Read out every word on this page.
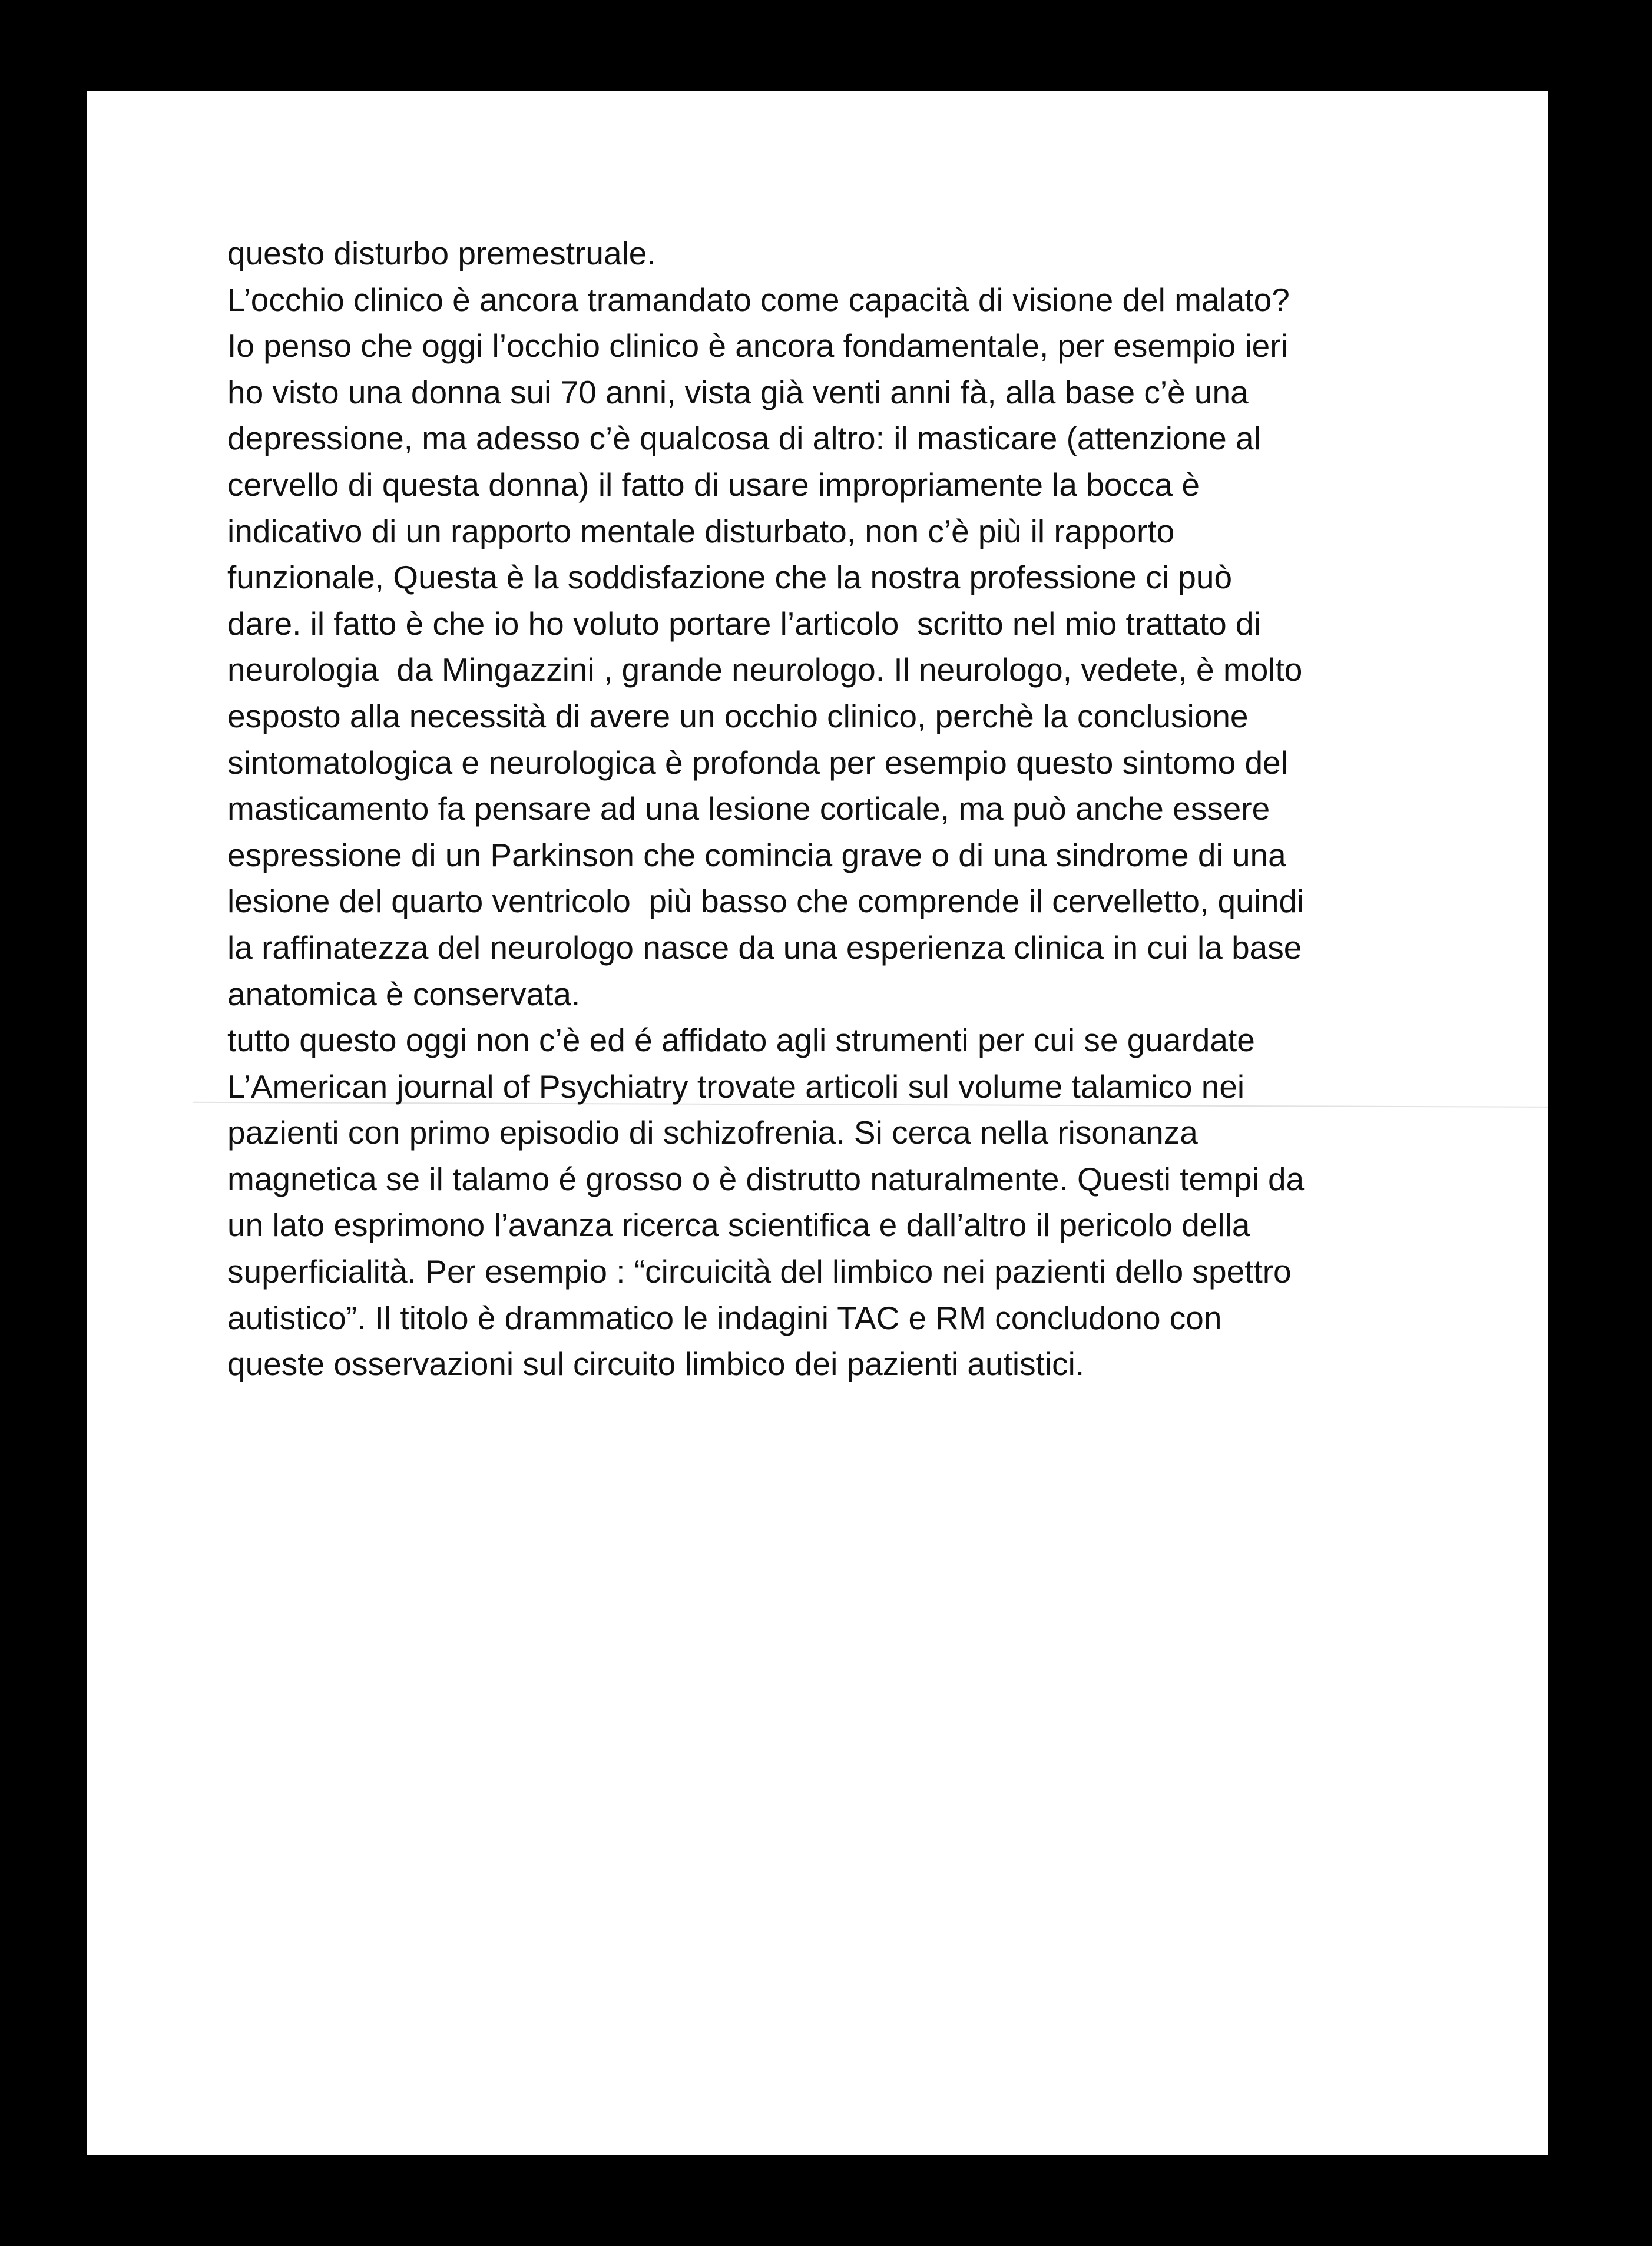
questo disturbo premestruale.
L’occhio clinico è ancora tramandato come capacità di visione del malato?
Io penso che oggi l’occhio clinico è ancora fondamentale, per esempio ieri
ho visto una donna sui 70 anni, vista già venti anni fà, alla base c’è una
depressione, ma adesso c’è qualcosa di altro: il masticare (attenzione al
cervello di questa donna) il fatto di usare impropriamente la bocca è
indicativo di un rapporto mentale disturbato, non c’è più il rapporto
funzionale, Questa è la soddisfazione che la nostra professione ci può
dare. il fatto è che io ho voluto portare l’articolo  scritto nel mio trattato di
neurologia  da Mingazzini , grande neurologo. Il neurologo, vedete, è molto
esposto alla necessità di avere un occhio clinico, perchè la conclusione
sintomatologica e neurologica è profonda per esempio questo sintomo del
masticamento fa pensare ad una lesione corticale, ma può anche essere
espressione di un Parkinson che comincia grave o di una sindrome di una
lesione del quarto ventricolo  più basso che comprende il cervelletto, quindi
la raffinatezza del neurologo nasce da una esperienza clinica in cui la base
anatomica è conservata.
tutto questo oggi non c’è ed é affidato agli strumenti per cui se guardate
L’American journal of Psychiatry trovate articoli sul volume talamico nei
pazienti con primo episodio di schizofrenia. Si cerca nella risonanza
magnetica se il talamo é grosso o è distrutto naturalmente. Questi tempi da
un lato esprimono l’avanza ricerca scientifica e dall’altro il pericolo della
superficialità. Per esempio : “circuicità del limbico nei pazienti dello spettro
autistico”. Il titolo è drammatico le indagini TAC e RM concludono con
queste osservazioni sul circuito limbico dei pazienti autistici.
